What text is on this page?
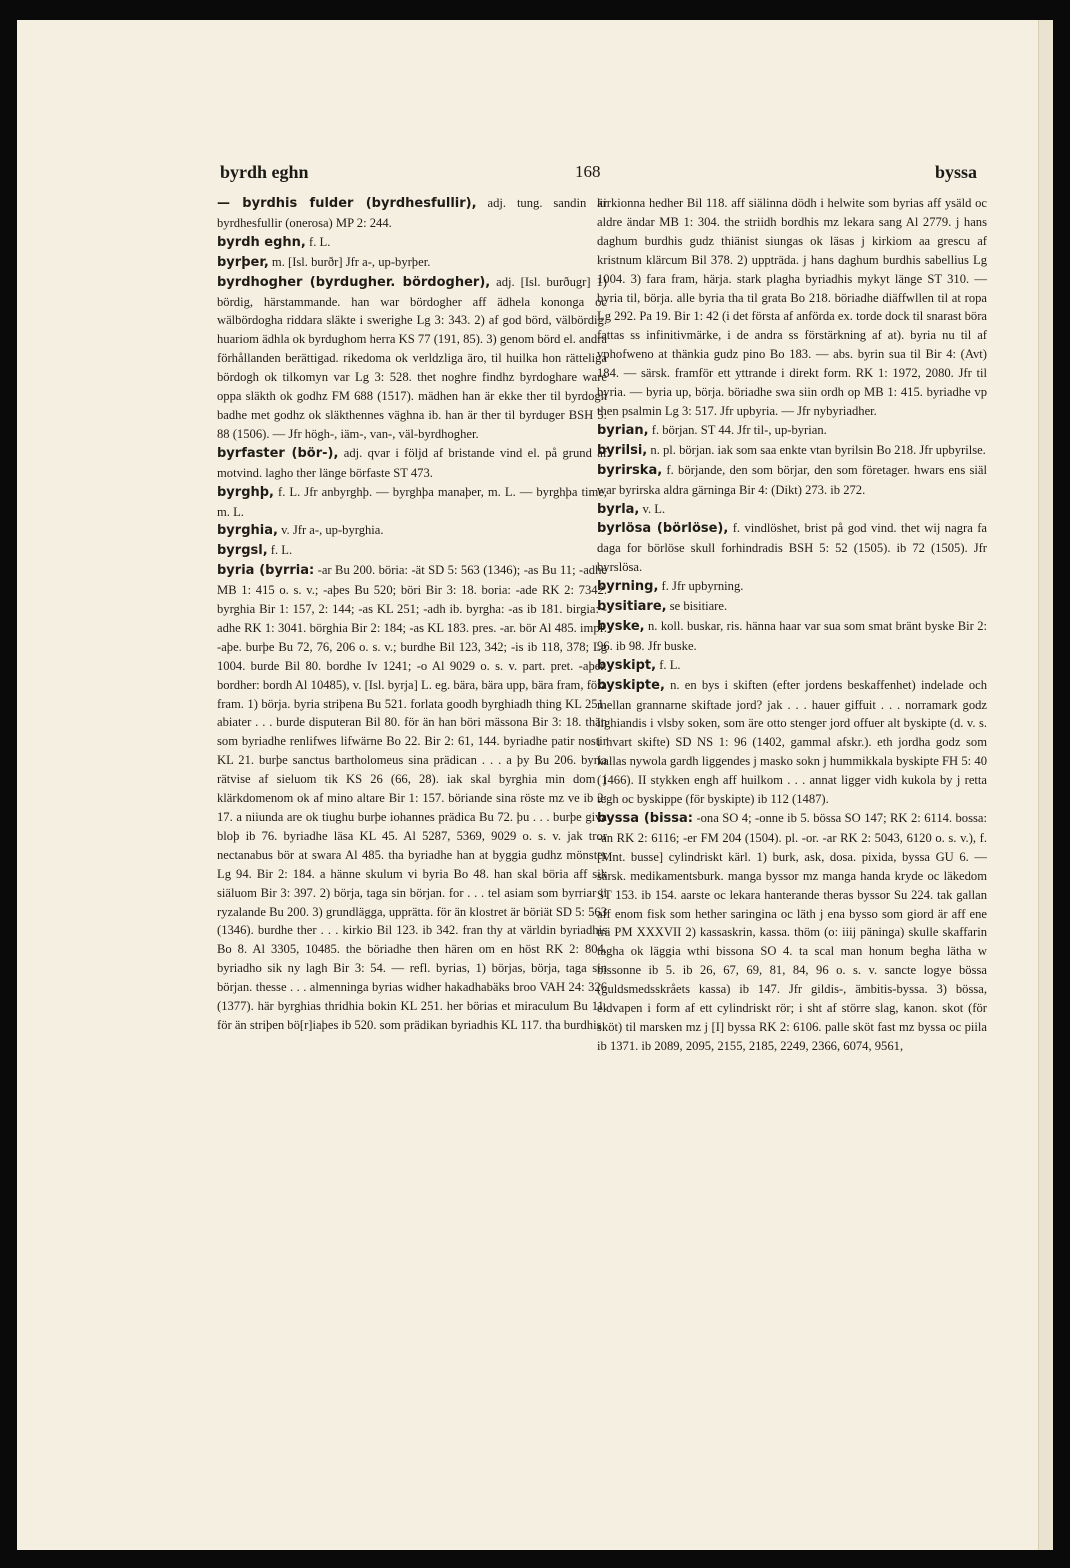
byrdh eghn	168	byssa

— byrdhis fulder (byrdhesfullir), adj. tung. sandin är byrdhesfullir (onerosa) MP 2: 244.

byrdh eghn, f. L.

byrþer, m. [Isl. burðr] Jfr a-, up-byrþer.

byrdhogher (byrdugher. bördogher), adj. [Isl. burðugr] 1) bördig, härstammande. han war bördogher aff ädhela kononga oc wälbördogha riddara släkte i swerighe Lg 3: 343. 2) af god börd, välbördig. huariom ädhla ok byrdughom herra KS 77 (191, 85). 3) genom börd el. andra förhållanden berättigad. rikedoma ok verldzliga äro, til huilka hon rätteliga bördogh ok tilkomyn var Lg 3: 528. thet noghre findhz byrdoghare ware oppa släkth ok godhz FM 688 (1517). mädhen han är ekke ther til byrdogh badhe met godhz ok släkthennes väghna ib. han är ther til byrduger BSH 5: 88 (1506). — Jfr högh-, iäm-, van-, väl-byrdhogher.

byrfaster (bör-), adj. qvar i följd af bristande vind el. på grund af motvind. lagho ther länge börfaste ST 473.

byrghþ, f. L. Jfr anbyrghþ. — byrghþa manaþer, m. L. — byrghþa time, m. L.

byrghia, v. Jfr a-, up-byrghia.

byrgsl, f. L.

byria (byrria: -ar Bu 200. böria: -ät SD 5: 563 (1346); -as Bu 11; -adhe MB 1: 415 o. s. v.; -aþes Bu 520; böri Bir 3: 18. boria: -ade RK 2: 7342. byrghia Bir 1: 157, 2: 144; -as KL 251; -adh ib. byrgha: -as ib 181. birgia: -adhe RK 1: 3041. börghia Bir 2: 184; -as KL 183. pres. -ar. bör Al 485. impf. -aþe. burþe Bu 72, 76, 206 o. s. v.; burdhe Bil 123, 342; -is ib 118, 378; Lg 1004. burde Bil 80. bordhe Iv 1241; -o Al 9029 o. s. v. part. pret. -aþer. bordher: bordh Al 10485), v. [Isl. byrja] L. eg. bära, bära upp, bära fram, föra fram. 1) börja. byria striþena Bu 521. forlata goodh byrghiadh thing KL 251. abiater . . . burde disputeran Bil 80. för än han böri mässona Bir 3: 18. thän som byriadhe renlifwes lifwärne Bo 22. Bir 2: 61, 144. byriadhe patir nostir KL 21. burþe sanctus bartholomeus sina prädican . . . a þy Bu 206. byria rätvise af sieluom tik KS 26 (66, 28). iak skal byrghia min dom j klärkdomenom ok af mino altare Bir 1: 157. böriande sina röste mz ve ib 2: 17. a niiunda are ok tiughu burþe iohannes prädica Bu 72. þu . . . burþe giva bloþ ib 76. byriadhe läsa KL 45. Al 5287, 5369, 9029 o. s. v. jak tror nectanabus bör at swara Al 485. tha byriadhe han at byggia gudhz mönster Lg 94. Bir 2: 184. a hänne skulum vi byria Bo 48. han skal böria aff sik siäluom Bir 3: 397. 2) börja, taga sin början. for . . . tel asiam som byrriar ii ryzalande Bu 200. 3) grundlägga, upprätta. för än klostret är böriät SD 5: 563 (1346). burdhe ther . . . kirkio Bil 123. ib 342. fran thy at världin byriadhis Bo 8. Al 3305, 10485. the böriadhe then hären om en höst RK 2: 804. byriadho sik ny lagh Bir 3: 54. — refl. byrias, 1) börjas, börja, taga sin början. thesse . . . almenninga byrias widher hakadhabäks broo VAH 24: 326 (1377). här byrghias thridhia bokin KL 251. her börias et miraculum Bu 11. för än striþen bö[r]iaþes ib 520. som prädikan byriadhis KL 117. tha burdhis

kirkionna hedher Bil 118. aff siälinna dödh i helwite som byrias aff ysäld oc aldre ändar MB 1: 304. the striidh bordhis mz lekara sang Al 2779. j hans daghum burdhis gudz thiänist siungas ok läsas j kirkiom aa grescu af kristnum klärcum Bil 378. 2) uppträda. j hans daghum burdhis sabellius Lg 1004. 3) fara fram, härja. stark plagha byriadhis mykyt länge ST 310. — byria til, börja. alle byria tha til grata Bo 218. böriadhe diäffwllen til at ropa Lg 292. Pa 19. Bir 1: 42 (i det första af anförda ex. torde dock til snarast böra fattas ss infinitivmärke, i de andra ss förstärkning af at). byria nu til af vphofweno at thänkia gudz pino Bo 183. — abs. byrin sua til Bir 4: (Avt) 184. — särsk. framför ett yttrande i direkt form. RK 1: 1972, 2080. Jfr til byria. — byria up, börja. böriadhe swa siin ordh op MB 1: 415. byriadhe vp then psalmin Lg 3: 517. Jfr upbyria. — Jfr nybyriadher.

byrian, f. början. ST 44. Jfr til-, up-byrian.

byrilsi, n. pl. början. iak som saa enkte vtan byrilsin Bo 218. Jfr upbyrilse.

byrirska, f. börjande, den som börjar, den som företager. hwars ens siäl war byrirska aldra gärninga Bir 4: (Dikt) 273. ib 272.

byrla, v. L.

byrlösa (börlöse), f. vindlöshet, brist på god vind. thet wij nagra fa daga for börlöse skull forhindradis BSH 5: 52 (1505). ib 72 (1505). Jfr byrslösa.

byrning, f. Jfr upbyrning.

bysitiare, se bisitiare.

byske, n. koll. buskar, ris. hänna haar var sua som smat bränt byske Bir 2: 96. ib 98. Jfr buske.

byskipt, f. L.

byskipte, n. en bys i skiften (efter jordens beskaffenhet) indelade och mellan grannarne skiftade jord? jak . . . hauer giffuit . . . norramark godz lighiandis i vlsby soken, som äre otto stenger jord offuer alt byskipte (d. v. s. i hvart skifte) SD NS 1: 96 (1402, gammal afskr.). eth jordha godz som kallas nywola gardh liggendes j masko sokn j hummikkala byskipte FH 5: 40 (1466). II stykken engh aff huilkom . . . annat ligger vidh kukola by j retta tegh oc byskippe (för byskipte) ib 112 (1487).

byssa (bissa: -ona SO 4; -onne ib 5. bössa SO 147; RK 2: 6114. bossa: -an RK 2: 6116; -er FM 204 (1504). pl. -or. -ar RK 2: 5043, 6120 o. s. v.), f. [Mnt. busse] cylindriskt kärl. 1) burk, ask, dosa. pixida, byssa GU 6. — särsk. medikamentsburk. manga byssor mz manga handa kryde oc läkedom ST 153. ib 154. aarste oc lekara hanterande theras byssor Su 224. tak gallan aff enom fisk som hether saringina oc läth j ena bysso som giord är aff ene trä PM XXXVII 2) kassaskrin, kassa. thöm (o: iiij päninga) skulle skaffarin tagha ok läggia wthi bissona SO 4. ta scal man honum begha lätha w bissonne ib 5. ib 26, 67, 69, 81, 84, 96 o. s. v. sancte logye bössa (guldsmedsskråets kassa) ib 147. Jfr gildis-, ämbitis-byssa. 3) bössa, eldvapen i form af ett cylindriskt rör; i sht af större slag, kanon. skot (för sköt) til marsken mz j [I] byssa RK 2: 6106. palle sköt fast mz byssa oc piila ib 1371. ib 2089, 2095, 2155, 2185, 2249, 2366, 6074, 9561,
